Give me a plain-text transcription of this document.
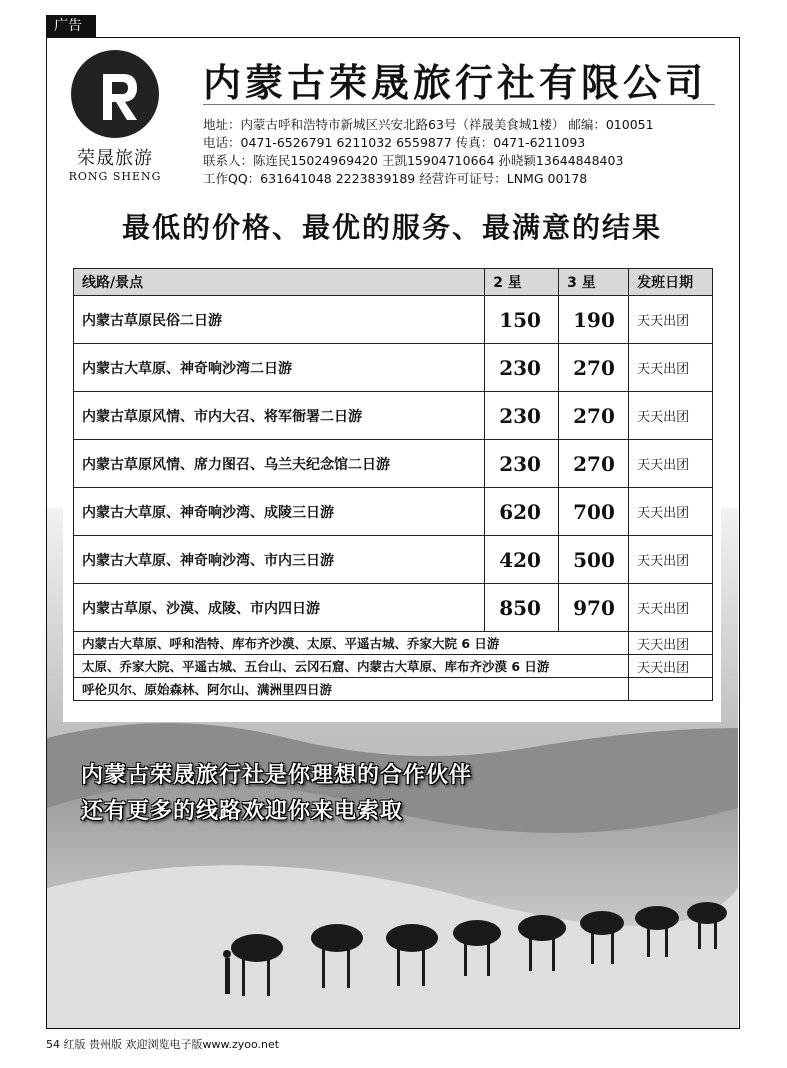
广告
荣晟旅游
RONG SHENG
内蒙古荣晟旅行社有限公司
地址：内蒙古呼和浩特市新城区兴安北路63号（祥晟美食城1楼） 邮编：010051
电话：0471-6526791 6211032 6559877 传真：0471-6211093
联系人：陈连民15024969420 王凯15904710664 孙晓颖13644848403
工作QQ：631641048 2223839189 经营许可证号：LNMG 00178
最低的价格、最优的服务、最满意的结果
线路/景点	2 星	3 星	发班日期
内蒙古草原民俗二日游	150	190	天天出团
内蒙古大草原、神奇响沙湾二日游	230	270	天天出团
内蒙古草原风情、市内大召、将军衙署二日游	230	270	天天出团
内蒙古草原风情、席力图召、乌兰夫纪念馆二日游	230	270	天天出团
内蒙古大草原、神奇响沙湾、成陵三日游	620	700	天天出团
内蒙古大草原、神奇响沙湾、市内三日游	420	500	天天出团
内蒙古草原、沙漠、成陵、市内四日游	850	970	天天出团
内蒙古大草原、呼和浩特、库布齐沙漠、太原、平遥古城、乔家大院 6 日游			天天出团
太原、乔家大院、平遥古城、五台山、云冈石窟、内蒙古大草原、库布齐沙漠 6 日游			天天出团
呼伦贝尔、原始森林、阿尔山、满洲里四日游			
内蒙古荣晟旅行社是你理想的合作伙伴
还有更多的线路欢迎你来电索取
54 红版 贵州版 欢迎浏览电子版www.zyoo.net
